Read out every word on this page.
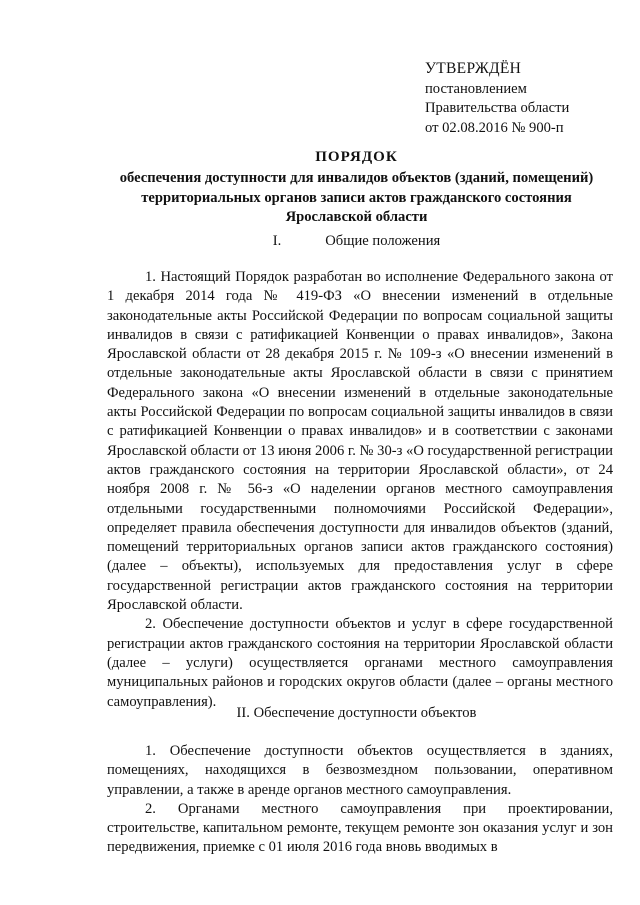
УТВЕРЖДЁН
постановлением
Правительства области
от 02.08.2016 № 900-п
ПОРЯДОК
обеспечения доступности для инвалидов объектов (зданий, помещений) территориальных органов записи актов гражданского состояния Ярославской области
I.	Общие положения

1. Настоящий Порядок разработан во исполнение Федерального закона от 1 декабря 2014 года № 419-ФЗ «О внесении изменений в отдельные законодательные акты Российской Федерации по вопросам социальной защиты инвалидов в связи с ратификацией Конвенции о правах инвалидов», Закона Ярославской области от 28 декабря 2015 г. № 109-з «О внесении изменений в отдельные законодательные акты Ярославской области в связи с принятием Федерального закона «О внесении изменений в отдельные законодательные акты Российской Федерации по вопросам социальной защиты инвалидов в связи с ратификацией Конвенции о правах инвалидов» и в соответствии с законами Ярославской области от 13 июня 2006 г. № 30-з «О государственной регистрации актов гражданского состояния на территории Ярославской области», от 24 ноября 2008 г. № 56-з «О наделении органов местного самоуправления отдельными государственными полномочиями Российской Федерации», определяет правила обеспечения доступности для инвалидов объектов (зданий, помещений территориальных органов записи актов гражданского состояния) (далее – объекты), используемых для предоставления услуг в сфере государственной регистрации актов гражданского состояния на территории Ярославской области.

2. Обеспечение доступности объектов и услуг в сфере государственной регистрации актов гражданского состояния на территории Ярославской области (далее – услуги) осуществляется органами местного самоуправления муниципальных районов и городских округов области (далее – органы местного самоуправления).

II. Обеспечение доступности объектов

1. Обеспечение доступности объектов осуществляется в зданиях, помещениях, находящихся в безвозмездном пользовании, оперативном управлении, а также в аренде органов местного самоуправления.

2. Органами местного самоуправления при проектировании, строительстве, капитальном ремонте, текущем ремонте зон оказания услуг и зон передвижения, приемке с 01 июля 2016 года вновь вводимых в
